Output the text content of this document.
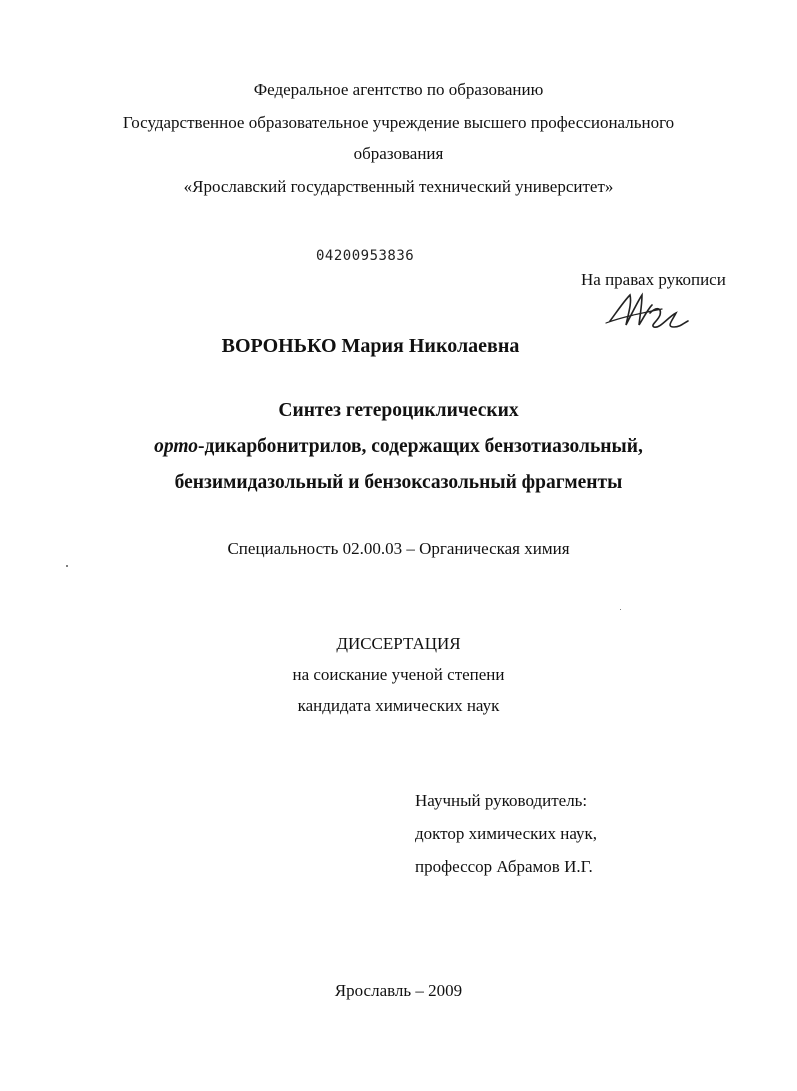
Федеральное агентство по образованию
Государственное образовательное учреждение высшего профессионального
образования
«Ярославский государственный технический университет»
04200953836
На правах рукописи
ВОРОНЬКО Мария Николаевна
Синтез гетероциклических
орто-дикарбонитрилов, содержащих бензотиазольный,
бензимидазольный и бензоксазольный фрагменты
Специальность 02.00.03 – Органическая химия
ДИССЕРТАЦИЯ
на соискание ученой степени
кандидата химических наук
Научный руководитель:
доктор химических наук,
профессор Абрамов И.Г.
Ярославль – 2009
